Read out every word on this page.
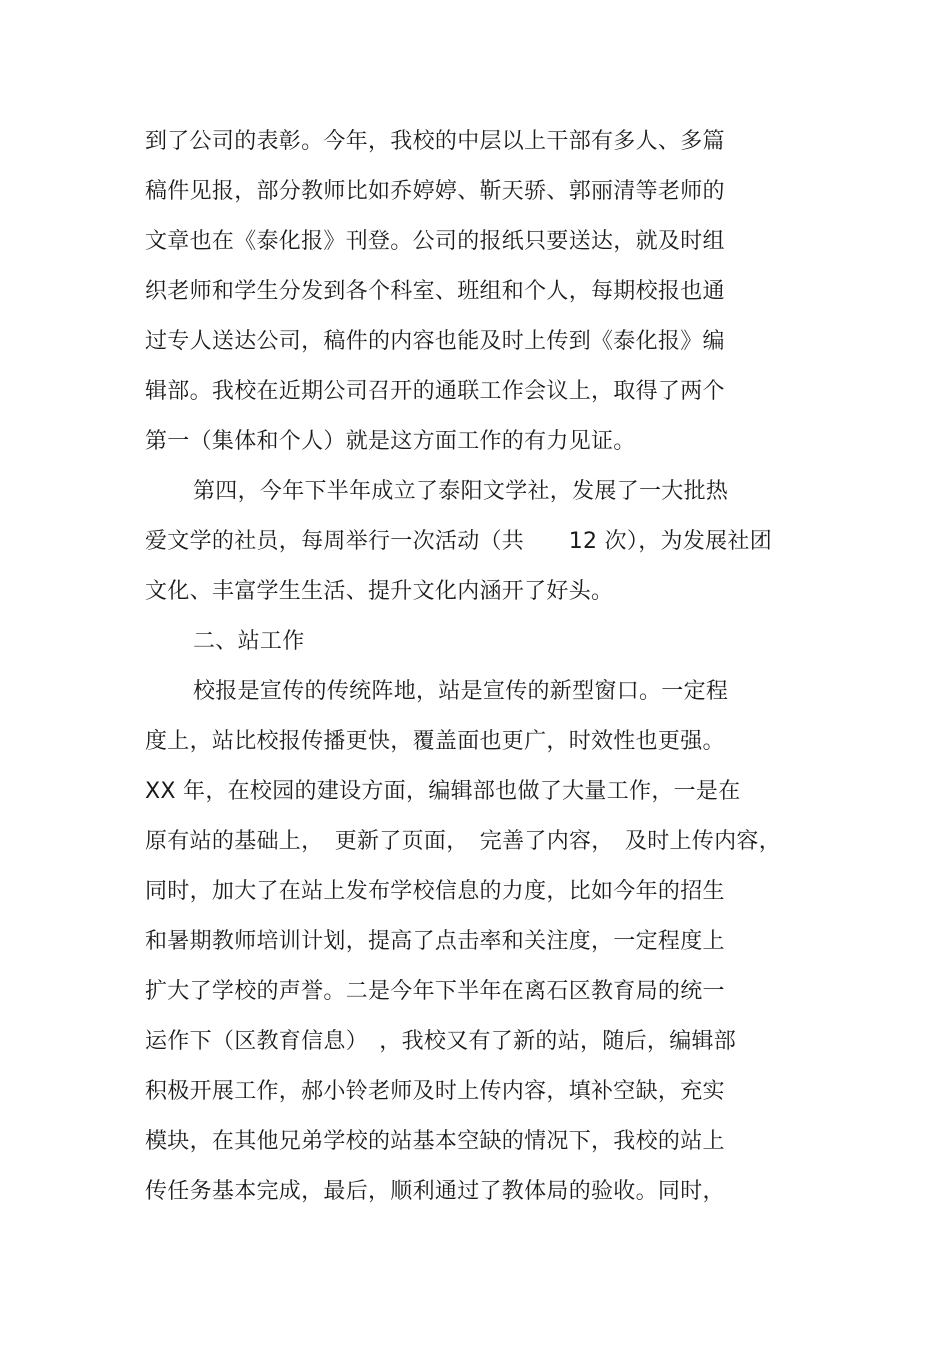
到了公司的表彰。今年，我校的中层以上干部有多人、多篇
稿件见报，部分教师比如乔婷婷、靳天骄、郭丽清等老师的
文章也在《泰化报》刊登。公司的报纸只要送达，就及时组
织老师和学生分发到各个科室、班组和个人，每期校报也通
过专人送达公司，稿件的内容也能及时上传到《泰化报》编
辑部。我校在近期公司召开的通联工作会议上，取得了两个
第一（集体和个人）就是这方面工作的有力见证。
第四，今年下半年成立了泰阳文学社，发展了一大批热
爱文学的社员，每周举行一次活动（共　　12 次），为发展社团
文化、丰富学生生活、提升文化内涵开了好头。
二、站工作
校报是宣传的传统阵地，站是宣传的新型窗口。一定程
度上，站比校报传播更快，覆盖面也更广，时效性也更强。
XX 年，在校园的建设方面，编辑部也做了大量工作，一是在
原有站的基础上，　更新了页面，　完善了内容，　及时上传内容，
同时，加大了在站上发布学校信息的力度，比如今年的招生
和暑期教师培训计划，提高了点击率和关注度，一定程度上
扩大了学校的声誉。二是今年下半年在离石区教育局的统一
运作下（区教育信息）　，我校又有了新的站，随后，编辑部
积极开展工作，郝小铃老师及时上传内容，填补空缺，充实
模块，在其他兄弟学校的站基本空缺的情况下，我校的站上
传任务基本完成，最后，顺利通过了教体局的验收。同时，
